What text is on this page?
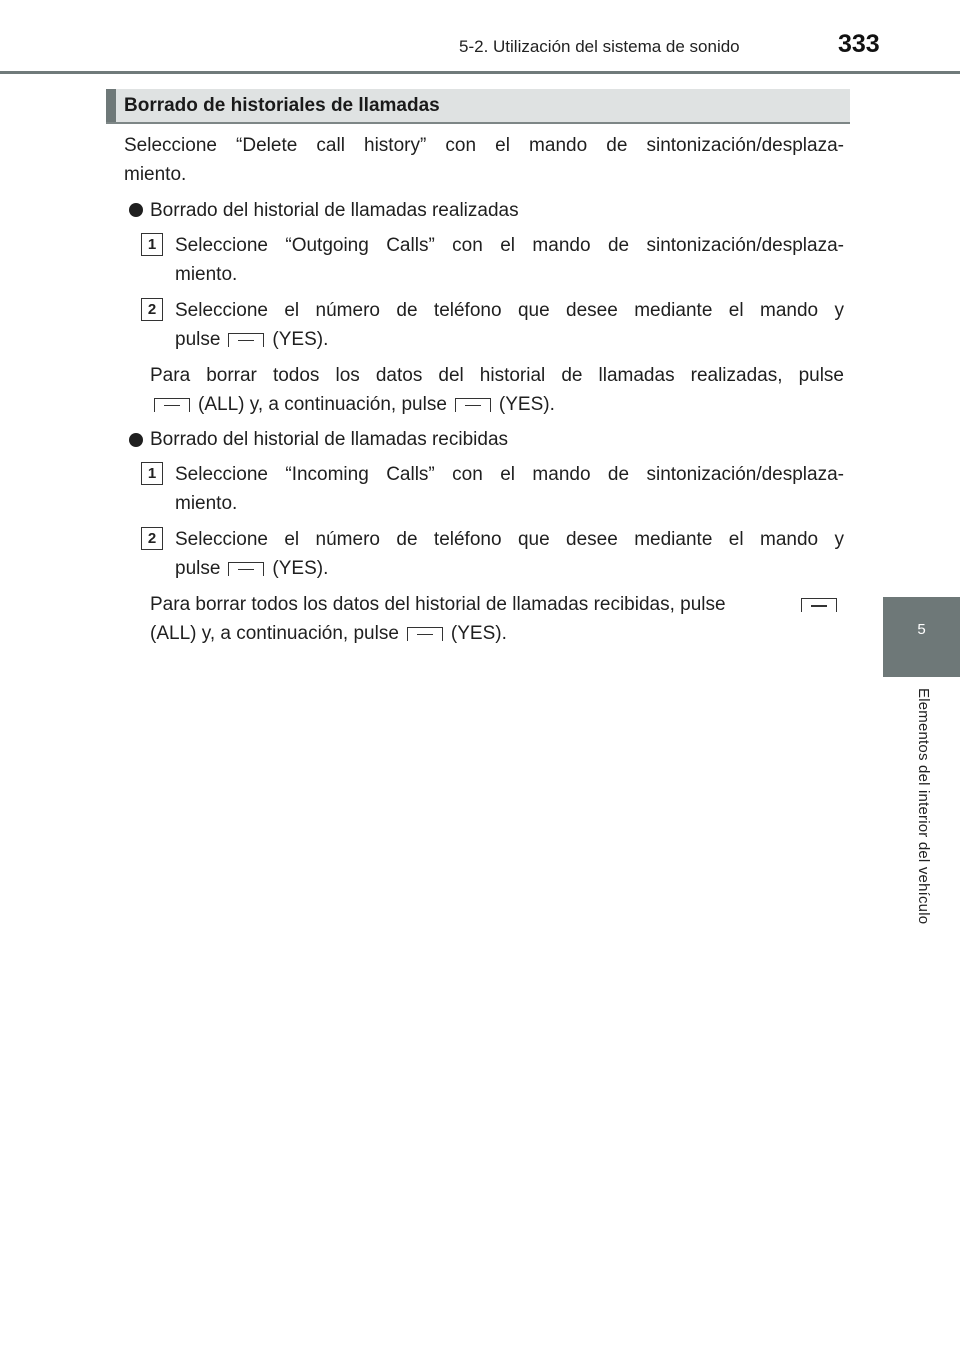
5-2. Utilización del sistema de sonido	333
5
Elementos del interior del vehículo
Borrado de historiales de llamadas
Seleccione “Delete call history” con el mando de sintonización/desplaza-
miento.
Borrado del historial de llamadas realizadas
1 Seleccione “Outgoing Calls” con el mando de sintonización/desplaza-
miento.
2 Seleccione el número de teléfono que desee mediante el mando y
pulse	(YES).
Para borrar todos los datos del historial de llamadas realizadas, pulse
(ALL) y, a continuación, pulse	(YES).
Borrado del historial de llamadas recibidas
1 Seleccione “Incoming Calls” con el mando de sintonización/desplaza-
miento.
2 Seleccione el número de teléfono que desee mediante el mando y
pulse	(YES).
Para borrar todos los datos del historial de llamadas recibidas, pulse
(ALL) y, a continuación, pulse	(YES).
